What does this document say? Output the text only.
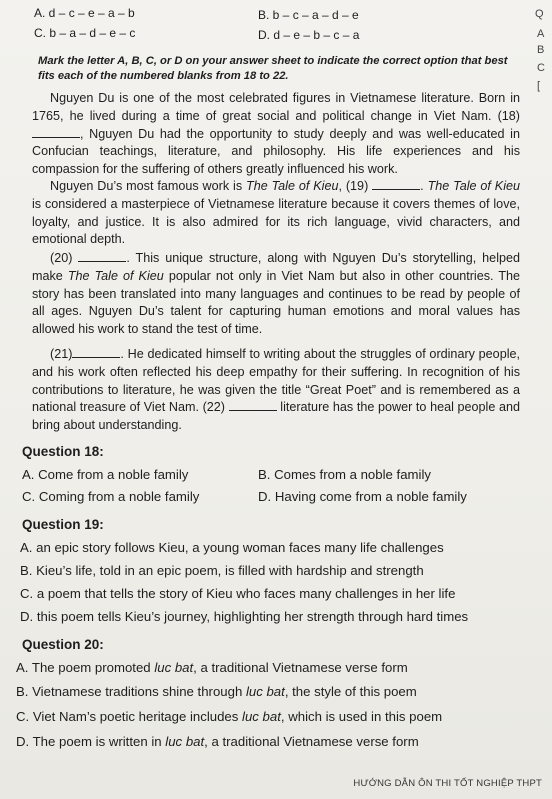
A. d – c – e – a – b	B. b – c – a – d – e
C. b – a – d – e – c	D. d – e – b – c – a
Q
A
B
C
[
Mark the letter A, B, C, or D on your answer sheet to indicate the correct option that best fits each of the numbered blanks from 18 to 22.

Nguyen Du is one of the most celebrated figures in Vietnamese literature. Born in 1765, he lived during a time of great social and political change in Viet Nam. (18), Nguyen Du had the opportunity to study deeply and was well-educated in Confucian teachings, literature, and philosophy. His life experiences and his compassion for the suffering of others greatly influenced his work.

Nguyen Du’s most famous work is The Tale of Kieu, (19)	. The Tale of Kieu is considered a masterpiece of Vietnamese literature because it covers themes of love, loyalty, and justice. It is also admired for its rich language, vivid characters, and emotional depth.

(20)	. This unique structure, along with Nguyen Du’s storytelling, helped make The Tale of Kieu popular not only in Viet Nam but also in other countries. The story has been translated into many languages and continues to be read by people of all ages. Nguyen Du’s talent for capturing human emotions and moral values has allowed his work to stand the test of time.

(21)	. He dedicated himself to writing about the struggles of ordinary people, and his work often reflected his deep empathy for their suffering. In recognition of his contributions to literature, he was given the title “Great Poet” and is remembered as a national treasure of Viet Nam. (22)	literature has the power to heal people and bring about understanding.

Question 18:
A. Come from a noble family	B. Comes from a noble family
C. Coming from a noble family	D. Having come from a noble family
Question 19:
A. an epic story follows Kieu, a young woman faces many life challenges
B. Kieu’s life, told in an epic poem, is filled with hardship and strength
C. a poem that tells the story of Kieu who faces many challenges in her life
D. this poem tells Kieu’s journey, highlighting her strength through hard times
Question 20:
A. The poem promoted luc bat, a traditional Vietnamese verse form
B. Vietnamese traditions shine through luc bat, the style of this poem
C. Viet Nam’s poetic heritage includes luc bat, which is used in this poem
D. The poem is written in luc bat, a traditional Vietnamese verse form
HƯỚNG DẪN ÔN THI TỐT NGHIỆP THPT
